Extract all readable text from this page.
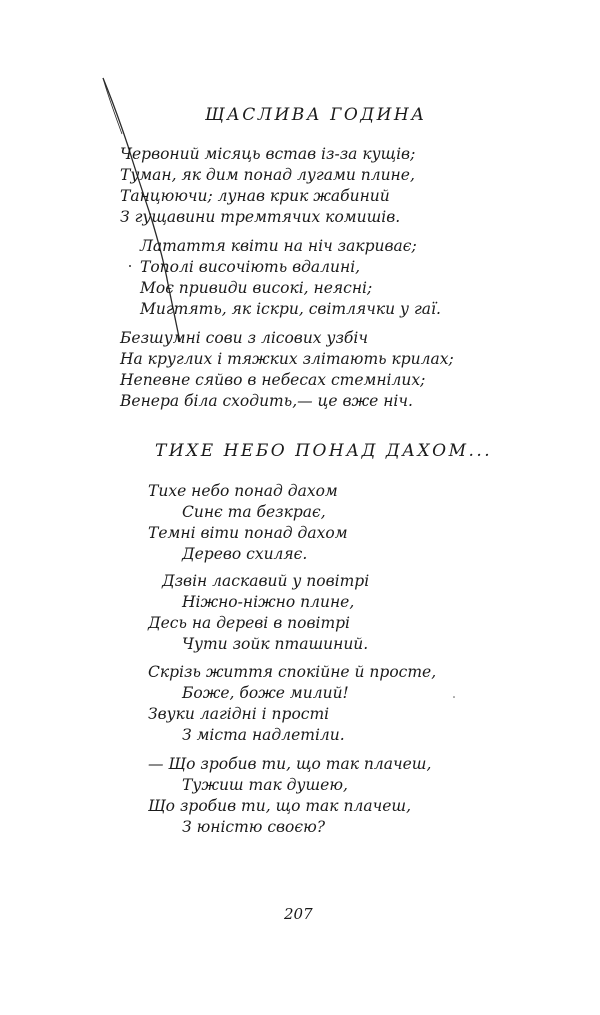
ЩАСЛИВА ГОДИНА
Червоний місяць встав із-за кущів;
Туман, як дим понад лугами плине,
Танцюючи; лунав крик жабиний
З гущавини тремтячих комишів.
Латаття квіти на ніч закриває;
Тополі височіють вдалині,
Моє привиди високі, неясні;
Мигтять, як іскри, світлячки у гаї.
Безшумні сови з лісових узбіч
На круглих і тяжких злітають крилах;
Непевне сяйво в небесах стемнілих;
Венера біла сходить,— це вже ніч.
ТИХЕ НЕБО ПОНАД ДАХОМ...
Тихе небо понад дахом
Синє та безкрає,
Темні віти понад дахом
Дерево схиляє.
Дзвін ласкавий у повітрі
Ніжно-ніжно плине,
Десь на дереві в повітрі
Чути зойк пташиний.
Скрізь життя спокійне й просте,
Боже, боже милий!
Звуки лагідні і прості
З міста надлетіли.
— Що зробив ти, що так плачеш,
Тужиш так душею,
Що зробив ти, що так плачеш,
З юністю своєю?
207
